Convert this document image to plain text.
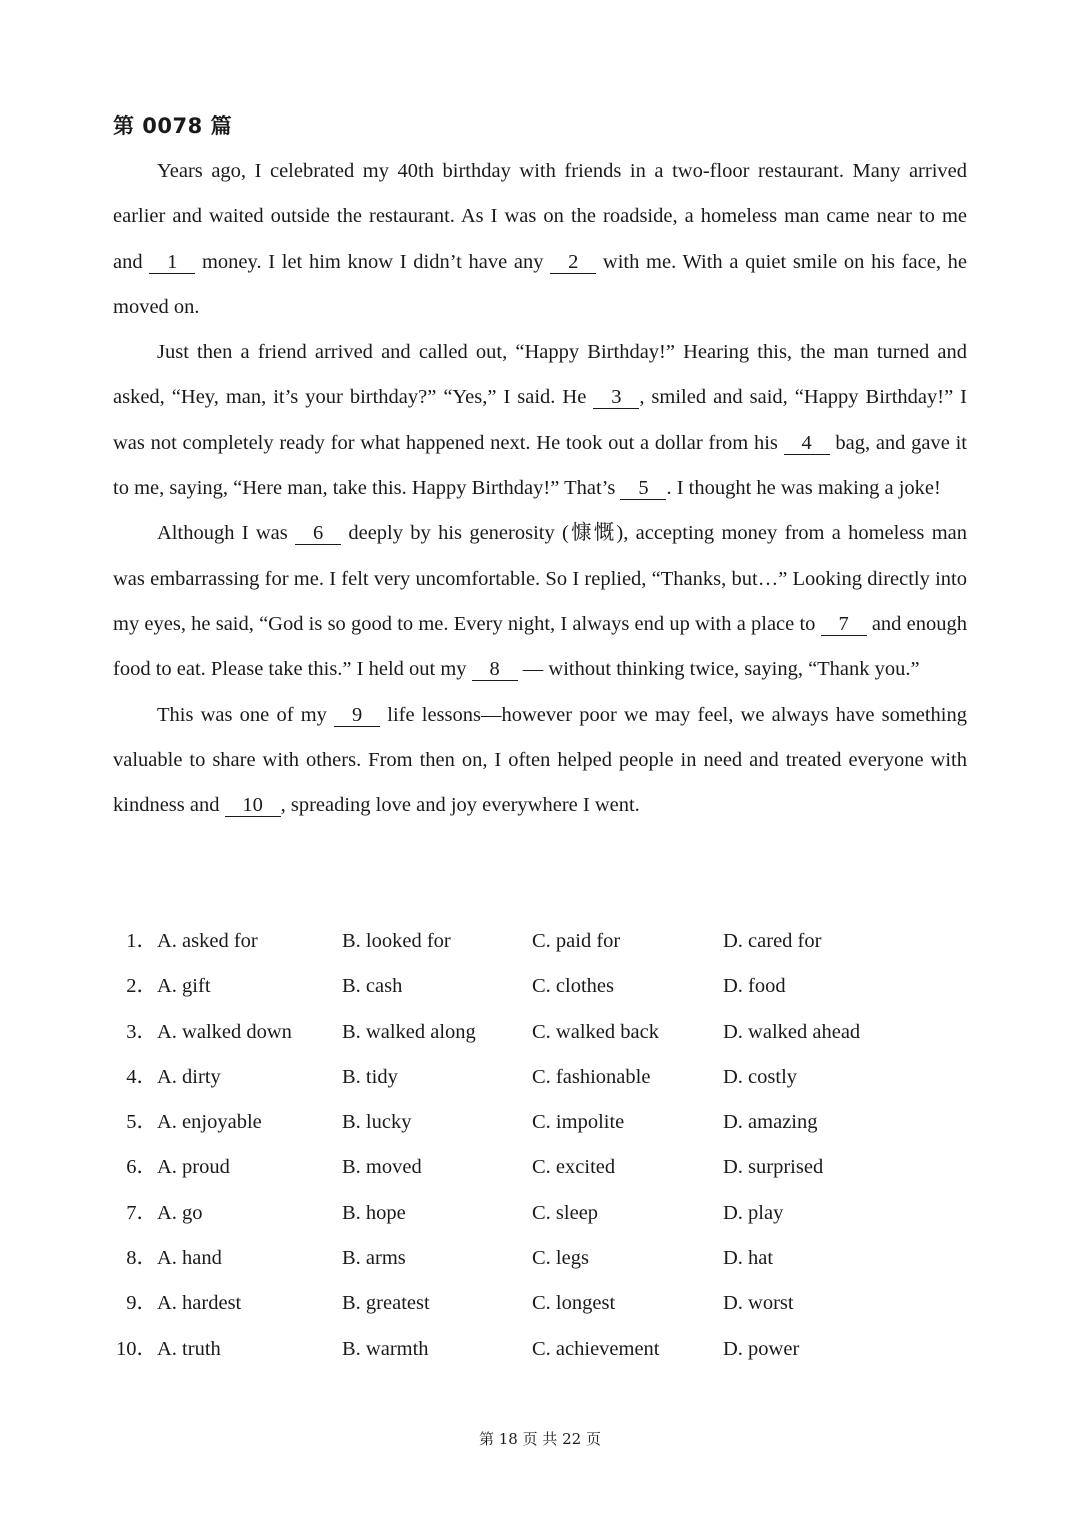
第 0078 篇

Years ago, I celebrated my 40th birthday with friends in a two-floor restaurant. Many arrived earlier and waited outside the restaurant. As I was on the roadside, a homeless man came near to me and 1 money. I let him know I didn’t have any 2 with me. With a quiet smile on his face, he moved on.

Just then a friend arrived and called out, “Happy Birthday!” Hearing this, the man turned and asked, “Hey, man, it’s your birthday?” “Yes,” I said. He 3 , smiled and said, “Happy Birthday!” I was not completely ready for what happened next. He took out a dollar from his 4 bag, and gave it to me, saying, “Here man, take this. Happy Birthday!” That’s 5 . I thought he was making a joke!

Although I was 6 deeply by his generosity (慷慨), accepting money from a homeless man was embarrassing for me. I felt very uncomfortable. So I replied, “Thanks, but…” Looking directly into my eyes, he said, “God is so good to me. Every night, I always end up with a place to 7 and enough food to eat. Please take this.” I held out my 8 — without thinking twice, saying, “Thank you.”

This was one of my 9 life lessons—however poor we may feel, we always have something valuable to share with others. From then on, I often helped people in need and treated everyone with kindness and 10 , spreading love and joy everywhere I went.

1． A. asked for	B. looked for	C. paid for	D. cared for
2． A. gift	B. cash	C. clothes	D. food
3． A. walked down B. walked along	C. walked back	D. walked ahead
4． A. dirty	B. tidy	C. fashionable	D. costly
5． A. enjoyable	B. lucky	C. impolite	D. amazing
6． A. proud	B. moved	C. excited	D. surprised
7． A. go	B. hope	C. sleep	D. play
8． A. hand	B. arms	C. legs	D. hat
9． A. hardest	B. greatest	C. longest	D. worst
10． A. truth	B. warmth	C. achievement	D. power
第 18 页 共 22 页
